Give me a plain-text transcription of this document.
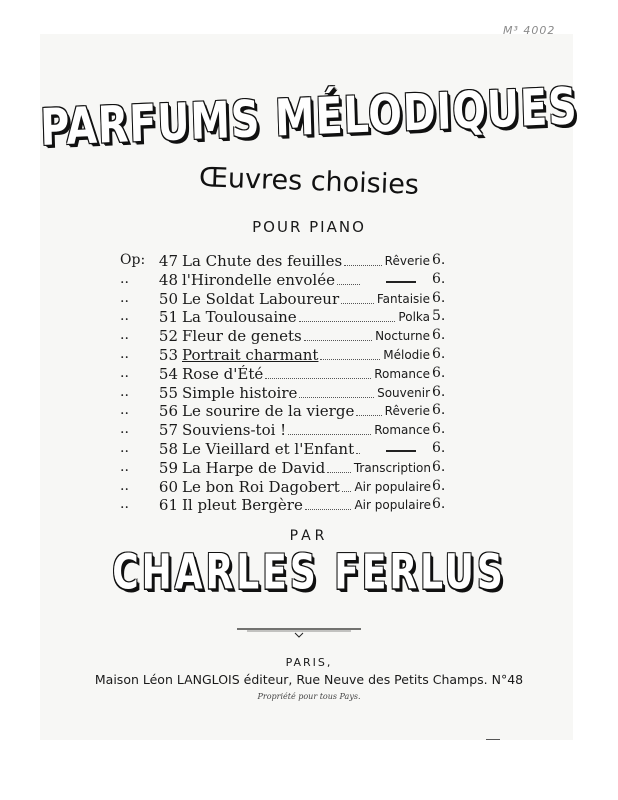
M³ 4002
PARFUMS MÉLODIQUES
Œuvres choisies
POUR PIANO
Op: 47 La Chute des feuilles	Rêverie 6.
..	48 l'Hirondelle envolée	6.
..	50 Le Soldat Laboureur	Fantaisie 6.
..	51 La Toulousaine	Polka 5.
..	52 Fleur de genets	Nocturne 6.
..	53 Portrait charmant	Mélodie 6.
..	54 Rose d'Été	Romance 6.
..	55 Simple histoire	Souvenir 6.
..	56 Le sourire de la vierge	Rêverie 6.
..	57 Souviens-toi !	Romance 6.
..	58 Le Vieillard et l'Enfant	6.
..	59 La Harpe de David Transcription 6.
..	60 Le bon Roi Dagobert Air populaire 6.
..	61 Il pleut Bergère	Air populaire 6.
PAR
CHARLES FERLUS
PARIS,
Maison Léon LANGLOIS éditeur, Rue Neuve des Petits Champs. N°48
Propriété pour tous Pays.
